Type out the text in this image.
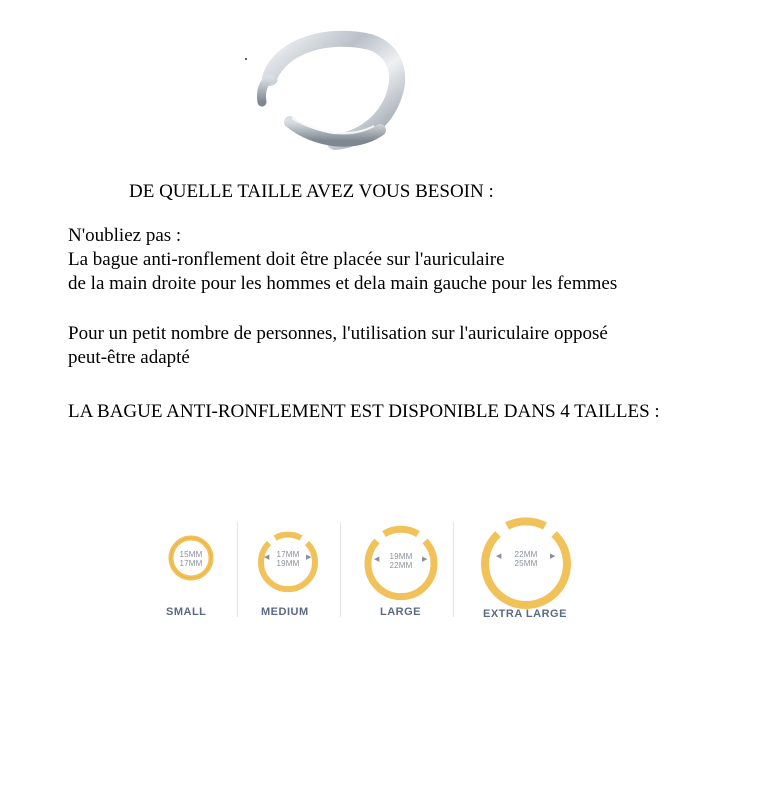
DE QUELLE TAILLE AVEZ VOUS BESOIN :
N'oubliez pas :
La bague anti-ronflement doit être placée sur l'auriculaire
de la main droite pour les hommes et dela main gauche pour les femmes
Pour un petit nombre de personnes, l'utilisation sur l'auriculaire opposé
peut-être adapté
LA BAGUE ANTI-RONFLEMENT EST DISPONIBLE DANS 4 TAILLES :
15MM
17MM
SMALL
◀	▶
17MM
19MM
MEDIUM
◀	▶
19MM
22MM
LARGE
◀	▶
22MM
25MM
EXTRA LARGE
